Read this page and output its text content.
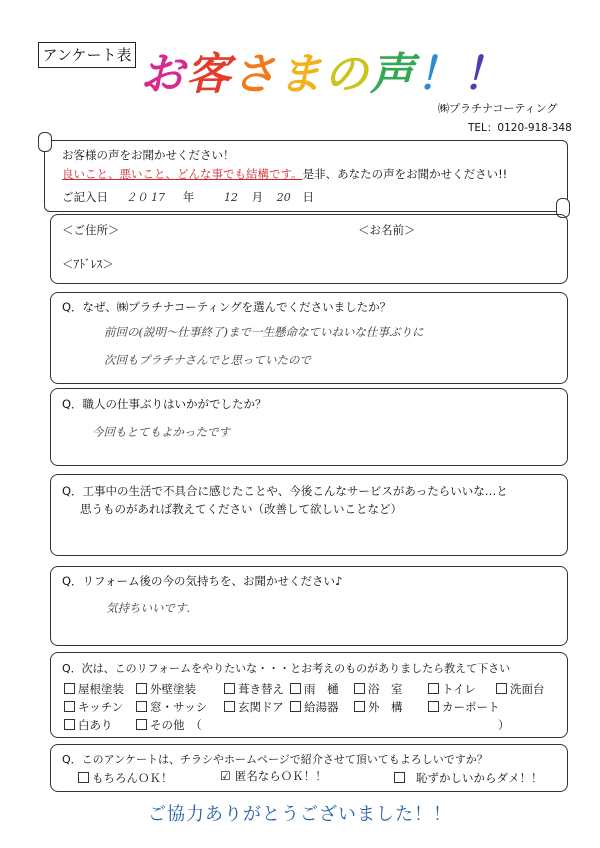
アンケート表 お客さまの声！！
㈱プラチナコーティング
TEL：0120-918-348
お客様の声をお聞かせください！
良いこと、悪いこと、どんな事でも結構です。是非、あなたの声をお聞かせください!!
ご記入日 ２０ 17 年	12 月 20 日
＜ご住所＞	＜お名前＞
＜ｱﾄﾞﾚｽ＞
Q．なぜ、㈱プラチナコーティングを選んでくださいましたか？
前回の(説明～仕事終了)まで一生懸命なていねいな仕事ぶりに
次回もプラチナさんでと思っていたので
Q．職人の仕事ぶりはいかがでしたか？
今回もとてもよかったです
Q．工事中の生活で不具合に感じたことや、今後こんなサービスがあったらいいな…と
思うものがあれば教えてください（改善して欲しいことなど）
Q．リフォーム後の今の気持ちを、お聞かせください♪
気持ちいいです.
Q．次は、このリフォームをやりたいな・・・とお考えのものがありましたら教えて下さい
屋根塗装	外壁塗装	葺き替え	雨　樋	浴　室	トイレ	洗面台
キッチン	窓・サッシ	玄関ドア	給湯器	外　構	カーポート
白あり	その他　（	）
Q．このアンケートは、チラシやホームページで紹介させて頂いてもよろしいですか？
もちろんＯＫ！	☑ 匿名ならＯＫ！！	恥ずかしいからダメ！！
ご協力ありがとうございました！！
